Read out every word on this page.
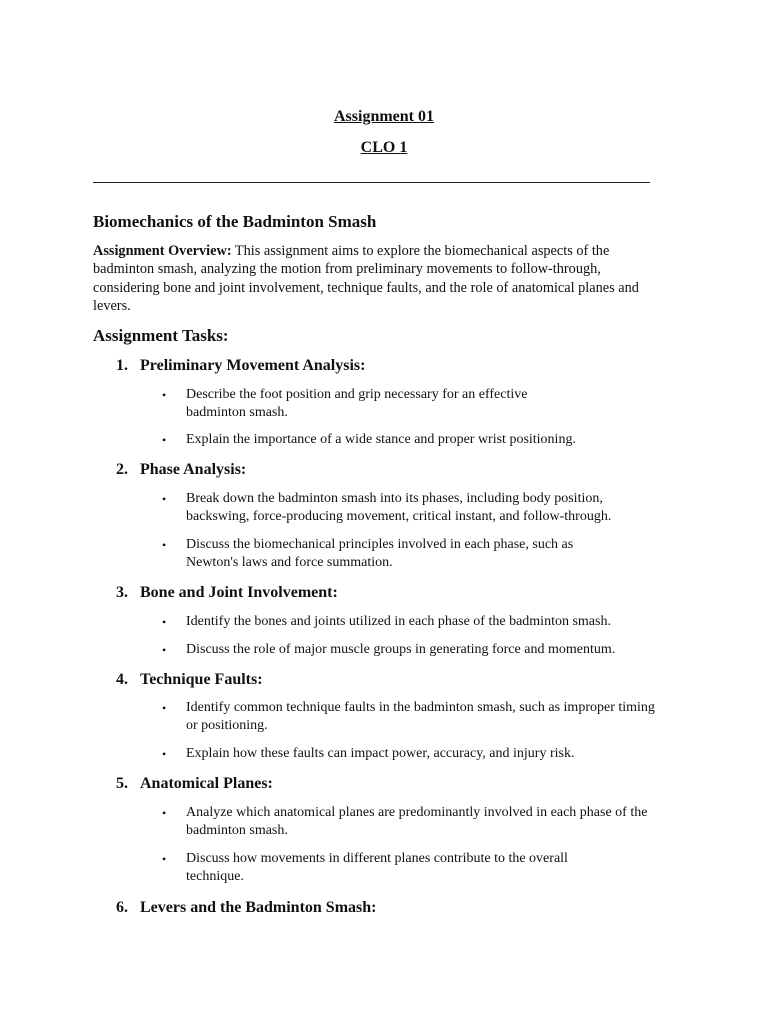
Assignment 01
CLO 1
Biomechanics of the Badminton Smash
Assignment Overview: This assignment aims to explore the biomechanical aspects of the badminton smash, analyzing the motion from preliminary movements to follow-through, considering bone and joint involvement, technique faults, and the role of anatomical planes and levers.
Assignment Tasks:
1. Preliminary Movement Analysis:
•	Describe the foot position and grip necessary for an effective badminton smash.
•	Explain the importance of a wide stance and proper wrist positioning.
2. Phase Analysis:
•	Break down the badminton smash into its phases, including body position, backswing, force-producing movement, critical instant, and follow-through.
•	Discuss the biomechanical principles involved in each phase, such as Newton's laws and force summation.
3. Bone and Joint Involvement:
•	Identify the bones and joints utilized in each phase of the badminton smash.
•	Discuss the role of major muscle groups in generating force and momentum.
4. Technique Faults:
•	Identify common technique faults in the badminton smash, such as improper timing or positioning.
•	Explain how these faults can impact power, accuracy, and injury risk.
5. Anatomical Planes:
•	Analyze which anatomical planes are predominantly involved in each phase of the badminton smash.
•	Discuss how movements in different planes contribute to the overall technique.
6. Levers and the Badminton Smash:
